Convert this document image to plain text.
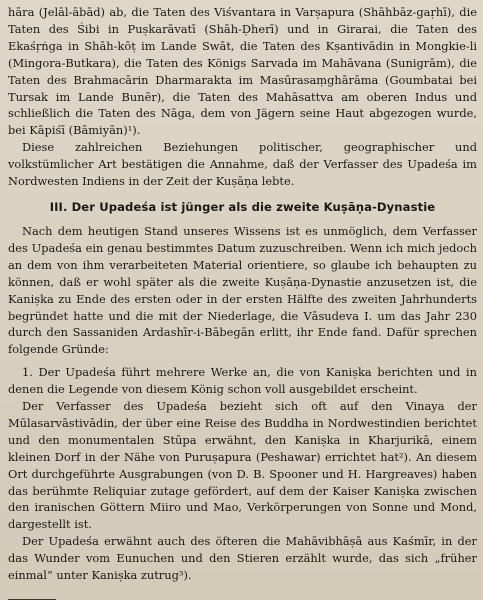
hāra (Jelāl-ābād) ab, die Taten des Viśvantara in Varṣapura (Shāhbāz-gaṛhī), die Taten des Śibi in Puṣkarāvatī (Shāh-Ḍherī) und in Girarai, die Taten des Ekaśṛṅga in Shāh-kōṭ im Lande Swāt, die Taten des Kṣantivādin in Mongkie-li (Mingora-Butkara), die Taten des Königs Sarvada im Mahāvana (Sunigrām), die Taten des Brahmacārin Dharmarakta im Masūrasaṃghārāma (Goumbatai bei Tursak im Lande Bunēr), die Taten des Mahāsattva am oberen Indus und schließlich die Taten des Nāga, dem von Jägern seine Haut abgezogen wurde, bei Kāpiśī (Bāmiyān)¹).

Diese zahlreichen Beziehungen politischer, geographischer und volkstümlicher Art bestätigen die Annahme, daß der Verfasser des Upadeśa im Nordwesten Indiens in der Zeit der Kuṣāṇa lebte.

III. Der Upadeśa ist jünger als die zweite Kuṣāṇa-Dynastie

Nach dem heutigen Stand unseres Wissens ist es unmöglich, dem Verfasser des Upadeśa ein genau bestimmtes Datum zuzuschreiben. Wenn ich mich jedoch an dem von ihm verarbeiteten Material orientiere, so glaube ich behaupten zu können, daß er wohl später als die zweite Kuṣāṇa-Dynastie anzusetzen ist, die Kaniṣka zu Ende des ersten oder in der ersten Hälfte des zweiten Jahrhunderts begründet hatte und die mit der Niederlage, die Vāsudeva I. um das Jahr 230 durch den Sassaniden Ardashīr-i-Bābegān erlitt, ihr Ende fand. Dafür sprechen folgende Gründe:

1. Der Upadeśa führt mehrere Werke an, die von Kaniṣka berichten und in denen die Legende von diesem König schon voll ausgebildet erscheint.

Der Verfasser des Upadeśa bezieht sich oft auf den Vinaya der Mūlasarvāstivādin, der über eine Reise des Buddha in Nordwestindien berichtet und den monumentalen Stūpa erwähnt, den Kaniṣka in Kharjurikā, einem kleinen Dorf in der Nähe von Puruṣapura (Peshawar) errichtet hat²). An diesem Ort durchgeführte Ausgrabungen (von D. B. Spooner und H. Hargreaves) haben das berühmte Reliquiar zutage gefördert, auf dem der Kaiser Kaniṣka zwischen den iranischen Göttern Miiro und Mao, Verkörperungen von Sonne und Mond, dargestellt ist.

Der Upadeśa erwähnt auch des öfteren die Mahāvibhāṣā aus Kaśmīr, in der das Wunder vom Eunuchen und den Stieren erzählt wurde, das sich „früher einmal“ unter Kaniṣka zutrug³).
